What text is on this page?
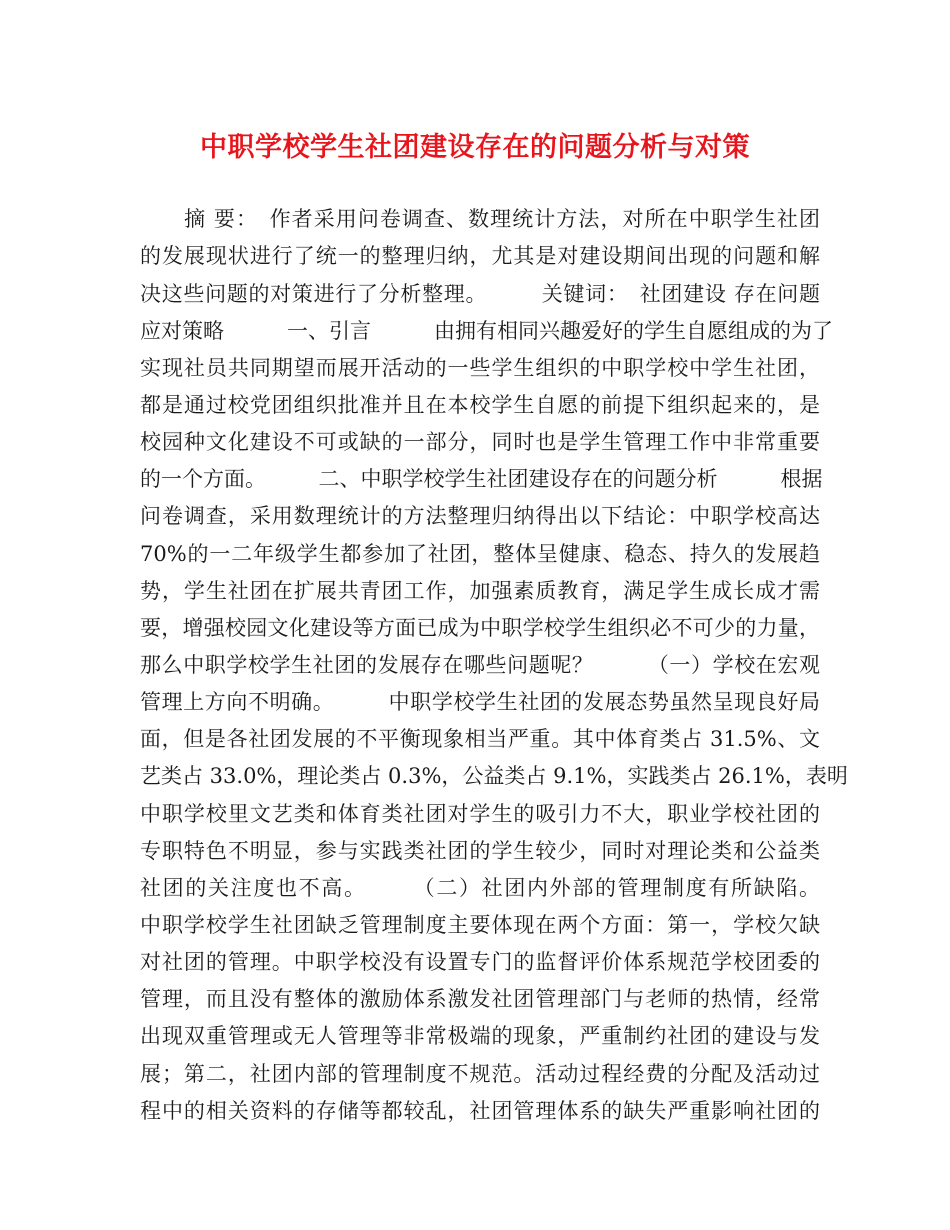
中职学校学生社团建设存在的问题分析与对策
　　摘 要：　作者采用问卷调查、数理统计方法，对所在中职学生社团
的发展现状进行了统一的整理归纳，尤其是对建设期间出现的问题和解
决这些问题的对策进行了分析整理。　　　关键词：　社团建设 存在问题
应对策略　　　一、引言　　　由拥有相同兴趣爱好的学生自愿组成的为了
实现社员共同期望而展开活动的一些学生组织的中职学校中学生社团，
都是通过校党团组织批准并且在本校学生自愿的前提下组织起来的，是
校园种文化建设不可或缺的一部分，同时也是学生管理工作中非常重要
的一个方面。　　　二、中职学校学生社团建设存在的问题分析　　　根据
问卷调查，采用数理统计的方法整理归纳得出以下结论：中职学校高达
70%的一二年级学生都参加了社团，整体呈健康、稳态、持久的发展趋
势，学生社团在扩展共青团工作，加强素质教育，满足学生成长成才需
要，增强校园文化建设等方面已成为中职学校学生组织必不可少的力量，
那么中职学校学生社团的发展存在哪些问题呢？　　　（一）学校在宏观
管理上方向不明确。　　　中职学校学生社团的发展态势虽然呈现良好局
面，但是各社团发展的不平衡现象相当严重。其中体育类占 31.5%、文
艺类占 33.0%，理论类占 0.3%，公益类占 9.1%，实践类占 26.1%，表明
中职学校里文艺类和体育类社团对学生的吸引力不大，职业学校社团的
专职特色不明显，参与实践类社团的学生较少，同时对理论类和公益类
社团的关注度也不高。　　　（二）社团内外部的管理制度有所缺陷。
中职学校学生社团缺乏管理制度主要体现在两个方面：第一，学校欠缺
对社团的管理。中职学校没有设置专门的监督评价体系规范学校团委的
管理，而且没有整体的激励体系激发社团管理部门与老师的热情，经常
出现双重管理或无人管理等非常极端的现象，严重制约社团的建设与发
展；第二，社团内部的管理制度不规范。活动过程经费的分配及活动过
程中的相关资料的存储等都较乱，社团管理体系的缺失严重影响社团的
